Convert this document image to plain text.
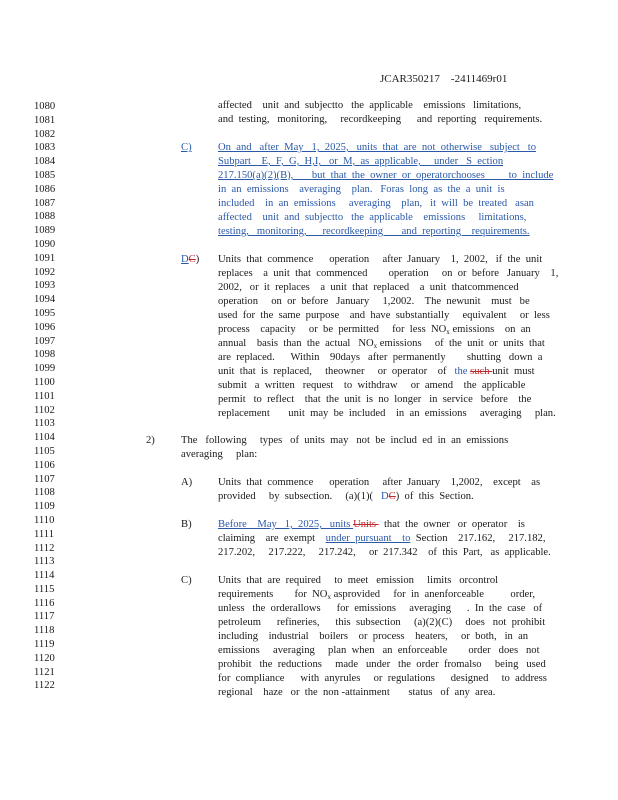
JCAR350217 -2411469r01
1080
1081
1082
1083
1084
1085
1086
1087
1088
1089
1090
1091
1092
1093
1094
1095
1096
1097
1098
1099
1100
1101
1102
1103
1104
1105
1106
1107
1108
1109
1110
1111
1112
1113
1114
1115
1116
1117
1118
1119
1120
1121
1122
affected    unit  and  subjectto   the  applicable    emissions   limitations,
and  testing,   monitoring,     recordkeeping      and  reporting   requirements.
C) On  and   after  May   1,  2025,   units  that  are  not  otherwise   subject   to
Subpart    E,  F,  G,  H,I,   or  M,  as  applicable,     under   S  ection
217.150(a)(2)(B),       but  that  the  owner  or  operatorchooses         to  include
in  an  emissions    averaging    plan.   Foras  long  as  the  a  unit  is
included    in  an  emissions     averaging    plan,   it  will  be  treated   asan
affected    unit  and  subjectto   the  applicable    emissions     limitations,
testing,   monitoring,      recordkeeping       and  reporting    requirements.
DC) Units  that  commence      operation     after  January    1,  2002,   if  the  unit
replaces    a  unit  that  commenced        operation     on  or  before   January    1,
2002,   or  it  replaces    a  unit  that  replaced    a  unit  thatcommenced
operation     on  or  before   January     1,2002.    The  newunit    must   be
used  for  the  same  purpose    and  have  substantially     equivalent     or  less
process    capacity     or  be  permitted     for  less  $NO_x$ emissions    on  an
annual    basis  than  the  actual   $NO_x$ emissions     of  the  unit  or  units  that
are  replaced.      Within    90days   after  permanently        shutting   down  a
unit  that  is  replaced,     theowner     or  operator    of   the such unit  must
submit   a  written   request    to  withdraw     or  amend    the  applicable
permit   to  reflect    that  the  unit  is  no  longer   in  service   before    the
replacement       unit  may  be  included    in  an  emissions     averaging     plan.
2) The   following     types   of  units  may   not  be  includ  ed  in  an  emissions
averaging     plan:
A) Units  that  commence      operation     after  January    1,2002,    except    as
provided     by  subsection.     (a)(1)(   DC)  of  this  Section.
B) Before    May   1,  2025,   units Units   that  the  owner   or  operator    is
claiming    are  exempt    under  pursuant    to  Section    217.162,     217.182,
217.202,     217.222,     217.242,     or  217.342    of  this  Part,   as  applicable.
C) Units  that  are  required     to  meet   emission     limits   orcontrol
requirements        for  $NO_x$ asprovided     for  in  anenforceable          order,
unless   the  orderallows      for  emissions     averaging      .  In  the  case   of
petroleum      refineries,      this  subsection     (a)(2)(C)     does   not  prohibit
including    industrial    boilers    or  process    heaters,     or  both,   in  an
emissions     averaging     plan  when   an  enforceable        order   does   not
prohibit   the  reductions     made   under   the  order  fromalso     being   used
for  compliance      with  anyrules     or  regulations      designed     to  address
regional    haze   or  the  non -attainment       status   of  any  area.
